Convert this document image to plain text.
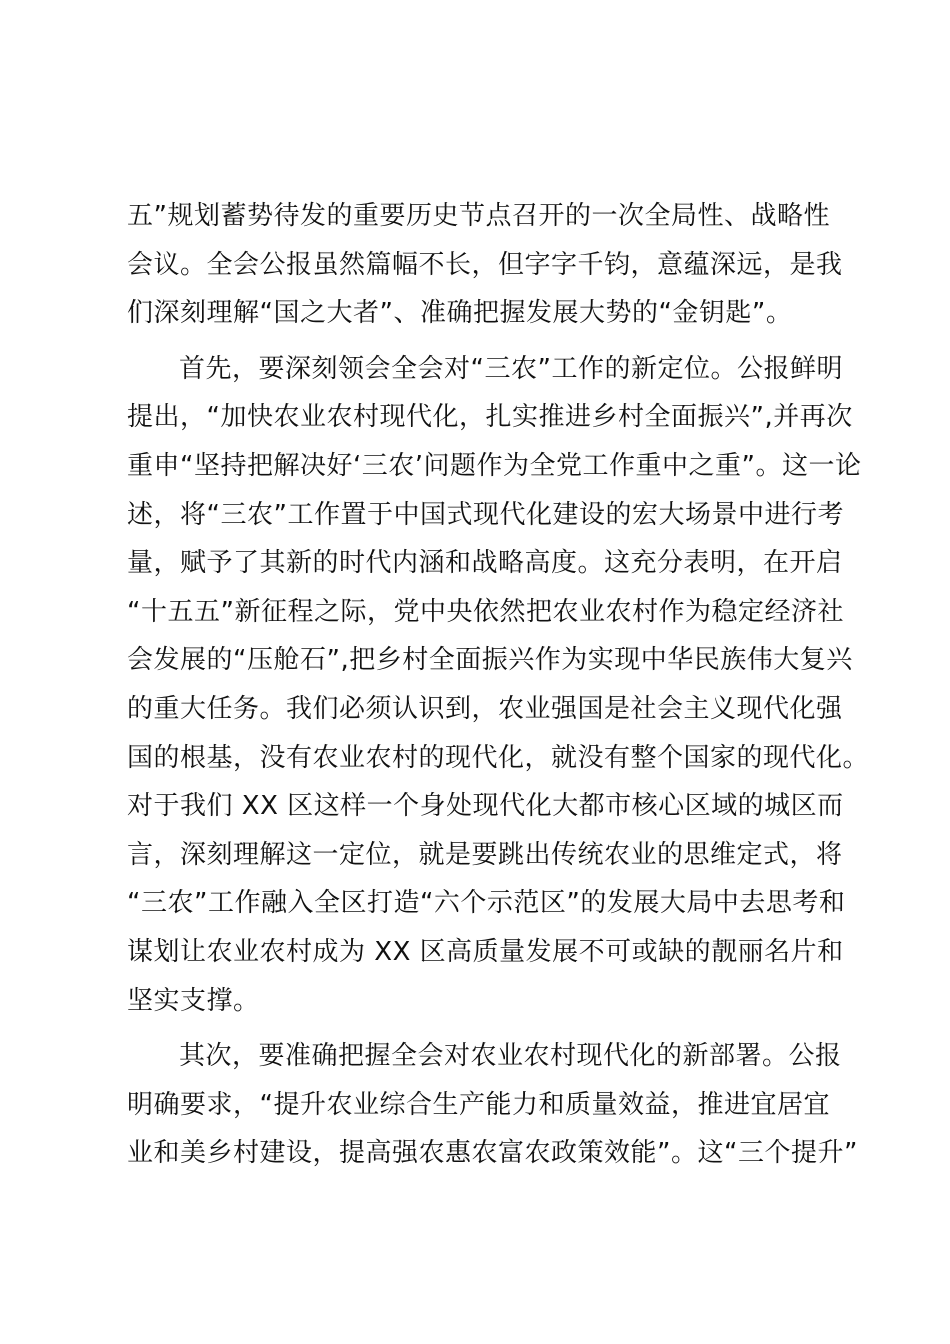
五”规划蓄势待发的重要历史节点召开的一次全局性、战略性
会议。全会公报虽然篇幅不长，但字字千钧，意蕴深远，是我
们深刻理解“国之大者”、准确把握发展大势的“金钥匙”。
首先，要深刻领会全会对“三农”工作的新定位。公报鲜明
提出，“加快农业农村现代化，扎实推进乡村全面振兴”,并再次
重申“坚持把解决好‘三农’问题作为全党工作重中之重”。这一论
述，将“三农”工作置于中国式现代化建设的宏大场景中进行考
量，赋予了其新的时代内涵和战略高度。这充分表明，在开启
“十五五”新征程之际，党中央依然把农业农村作为稳定经济社
会发展的“压舱石”,把乡村全面振兴作为实现中华民族伟大复兴
的重大任务。我们必须认识到，农业强国是社会主义现代化强
国的根基，没有农业农村的现代化，就没有整个国家的现代化。
对于我们 XX 区这样一个身处现代化大都市核心区域的城区而
言，深刻理解这一定位，就是要跳出传统农业的思维定式，将
“三农”工作融入全区打造“六个示范区”的发展大局中去思考和
谋划让农业农村成为 XX 区高质量发展不可或缺的靓丽名片和
坚实支撑。
其次，要准确把握全会对农业农村现代化的新部署。公报
明确要求，“提升农业综合生产能力和质量效益，推进宜居宜
业和美乡村建设，提高强农惠农富农政策效能”。这“三个提升”
